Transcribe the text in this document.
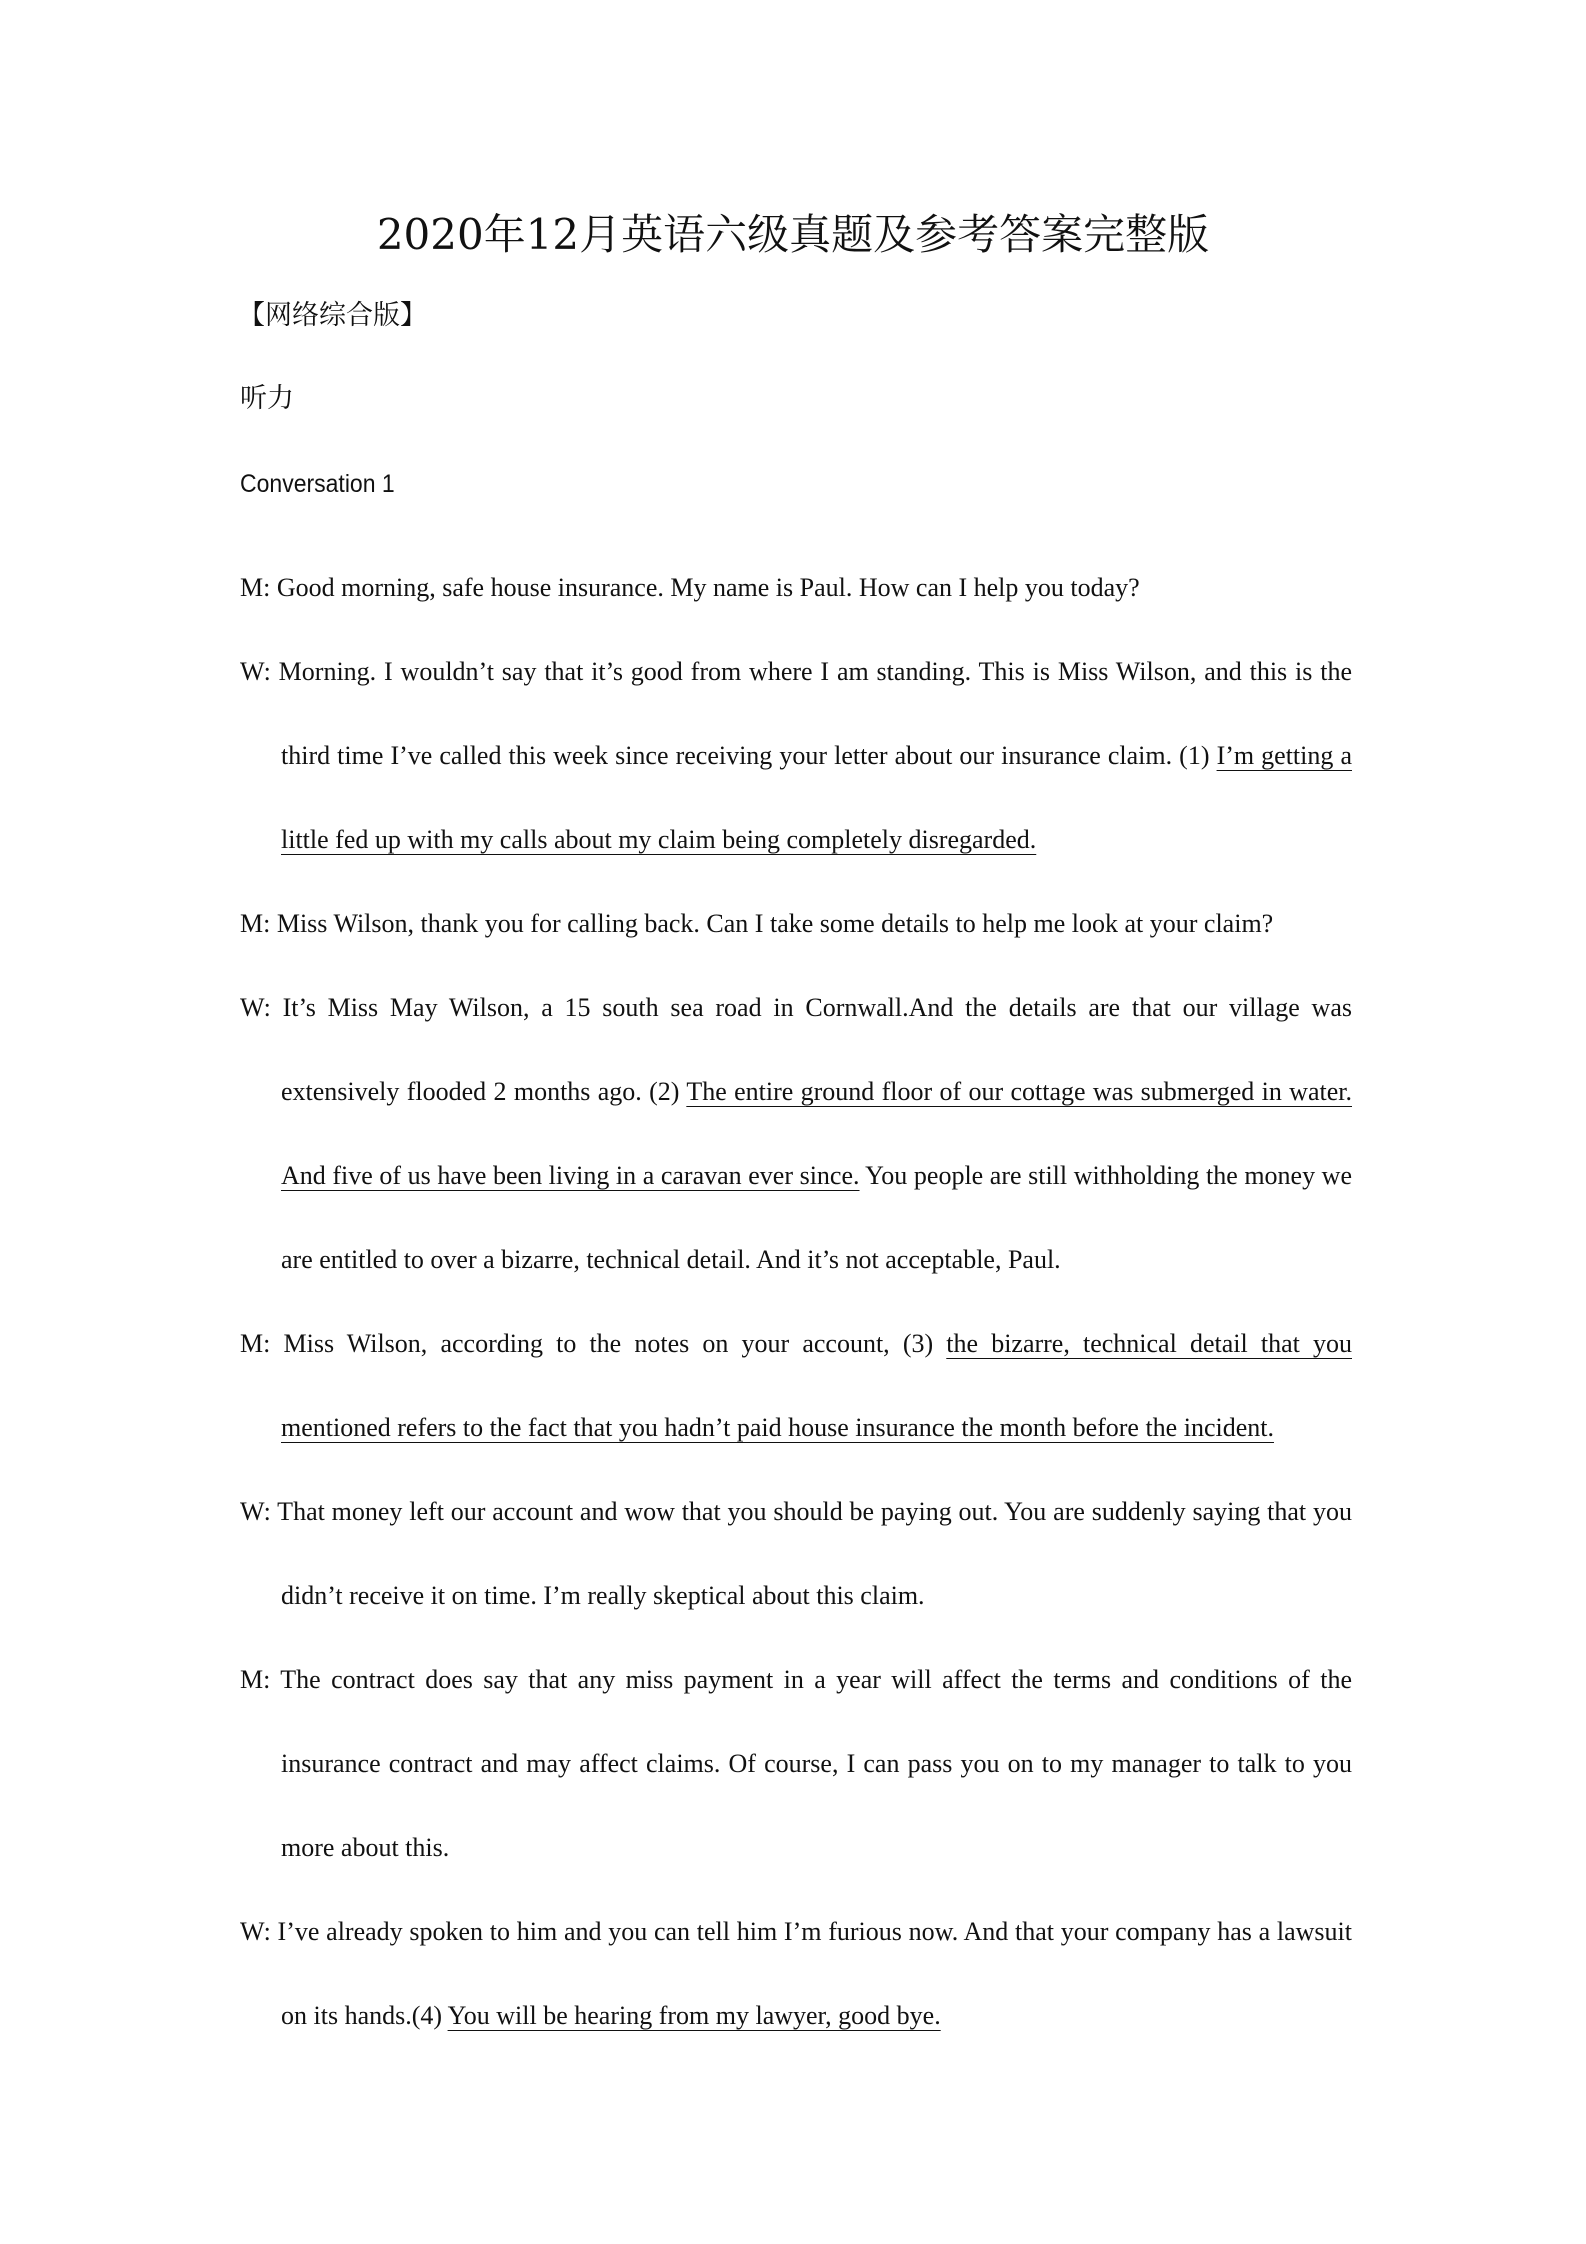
2020年12月英语六级真题及参考答案完整版
【网络综合版】
听力
Conversation 1

M: Good morning, safe house insurance. My name is Paul. How can I help you today?

W: Morning. I wouldn’t say that it’s good from where I am standing. This is Miss Wilson, and this is the third time I’ve called this week since receiving your letter about our insurance claim. (1) I’m getting a little fed up with my calls about my claim being completely disregarded.

M: Miss Wilson, thank you for calling back. Can I take some details to help me look at your claim?

W: It’s Miss May Wilson, a 15 south sea road in Cornwall.And the details are that our village was extensively flooded 2 months ago. (2) The entire ground floor of our cottage was submerged in water. And five of us have been living in a caravan ever since. You people are still withholding the money we are entitled to over a bizarre, technical detail. And it’s not acceptable, Paul.

M: Miss Wilson, according to the notes on your account, (3) the bizarre, technical detail that you mentioned refers to the fact that you hadn’t paid house insurance the month before the incident.

W: That money left our account and wow that you should be paying out. You are suddenly saying that you didn’t receive it on time. I’m really skeptical about this claim.

M: The contract does say that any miss payment in a year will affect the terms and conditions of the insurance contract and may affect claims. Of course, I can pass you on to my manager to talk to you more about this.

W: I’ve already spoken to him and you can tell him I’m furious now. And that your company has a lawsuit on its hands.(4) You will be hearing from my lawyer, good bye.
